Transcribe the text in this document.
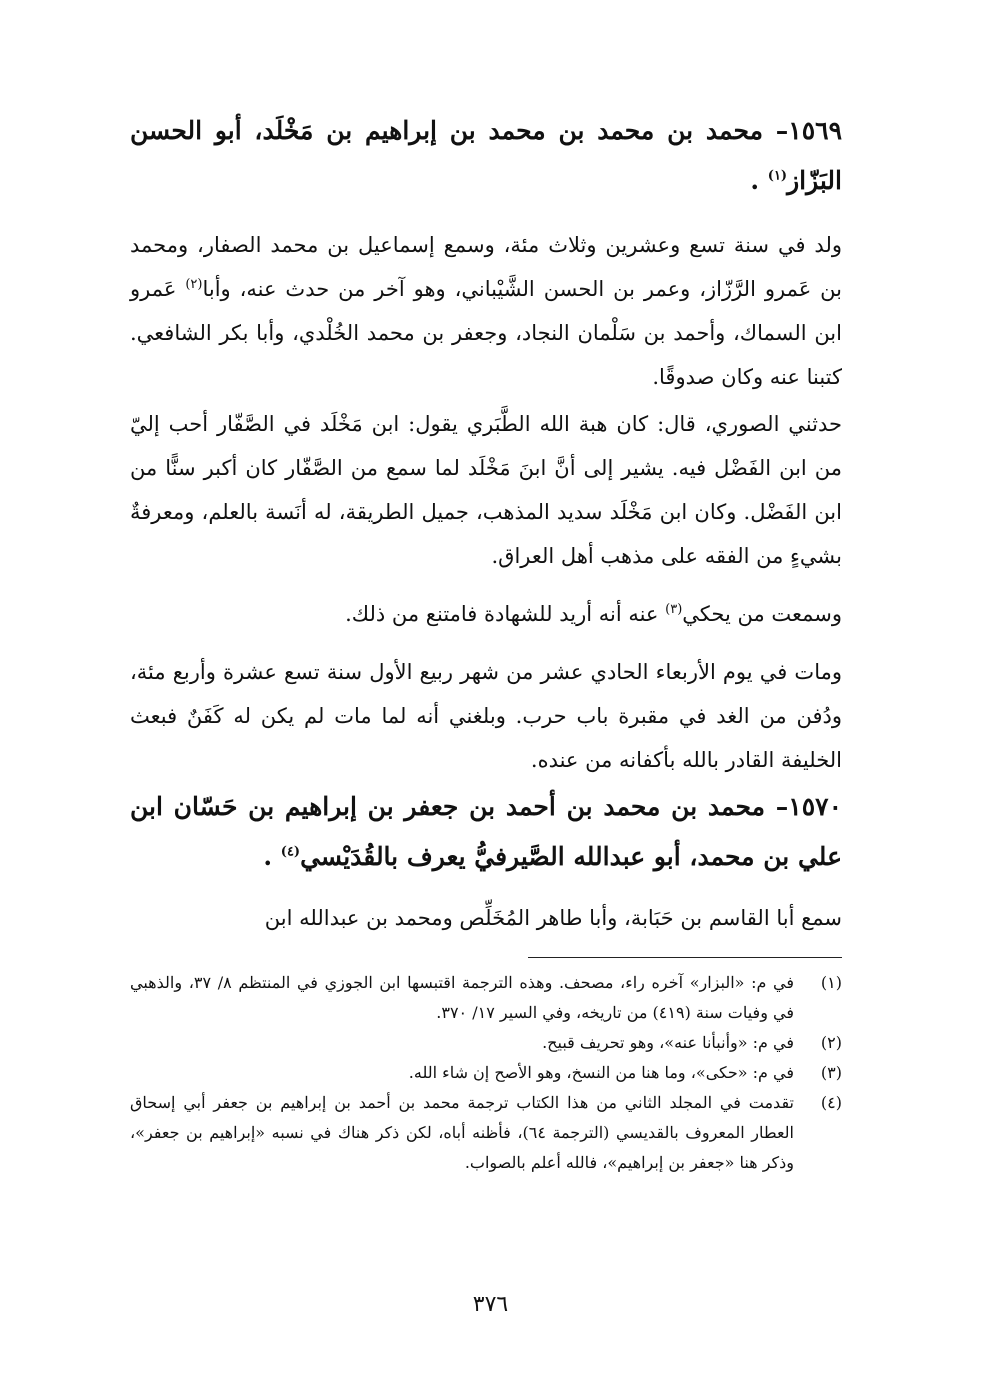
١٥٦٩– محمد بن محمد بن محمد بن إبراهيم بن مَخْلَد، أبو الحسن البَزّاز$^{(١)}$ .
ولد في سنة تسع وعشرين وثلاث مئة، وسمع إسماعيل بن محمد الصفار، ومحمد بن عَمرو الرَّزّاز، وعمر بن الحسن الشَّيْباني، وهو آخر من حدث عنه، وأبا$^{(٢)}$ عَمرو ابن السماك، وأحمد بن سَلْمان النجاد، وجعفر بن محمد الخُلْدي، وأبا بكر الشافعي. كتبنا عنه وكان صدوقًا.
حدثني الصوري، قال: كان هبة الله الطَّبَري يقول: ابن مَخْلَد في الصَّفّار أحب إليّ من ابن الفَضْل فيه. يشير إلى أنَّ ابنَ مَخْلَد لما سمع من الصَّفّار كان أكبر سنًّا من ابن الفَضْل. وكان ابن مَخْلَد سديد المذهب، جميل الطريقة، له أنَسة بالعلم، ومعرفةٌ بشيءٍ من الفقه على مذهب أهل العراق.
وسمعت من يحكي$^{(٣)}$ عنه أنه أريد للشهادة فامتنع من ذلك.
ومات في يوم الأربعاء الحادي عشر من شهر ربيع الأول سنة تسع عشرة وأربع مئة، ودُفن من الغد في مقبرة باب حرب. وبلغني أنه لما مات لم يكن له كَفَنٌ فبعث الخليفة القادر بالله بأكفانه من عنده.
١٥٧٠– محمد بن محمد بن أحمد بن جعفر بن إبراهيم بن حَسّان ابن علي بن محمد، أبو عبدالله الصَّيرفيُّ يعرف بالقُدَيْسي$^{(٤)}$ .
سمع أبا القاسم بن حَبَابة، وأبا طاهر المُخَلِّص ومحمد بن عبدالله ابن
(١)
في م: «البزار» آخره راء، مصحف. وهذه الترجمة اقتبسها ابن الجوزي في المنتظم ٨/ ٣٧، والذهبي في وفيات سنة (٤١٩) من تاريخه، وفي السير ١٧/ ٣٧٠.
(٢)
في م: «وأنبأنا عنه»، وهو تحريف قبيح.
(٣)
في م: «حكى»، وما هنا من النسخ، وهو الأصح إن شاء الله.
(٤)
تقدمت في المجلد الثاني من هذا الكتاب ترجمة محمد بن أحمد بن إبراهيم بن جعفر أبي إسحاق العطار المعروف بالقديسي (الترجمة ٦٤)، فأظنه أباه، لكن ذكر هناك في نسبه «إبراهيم بن جعفر»، وذكر هنا «جعفر بن إبراهيم»، فالله أعلم بالصواب.
٣٧٦
